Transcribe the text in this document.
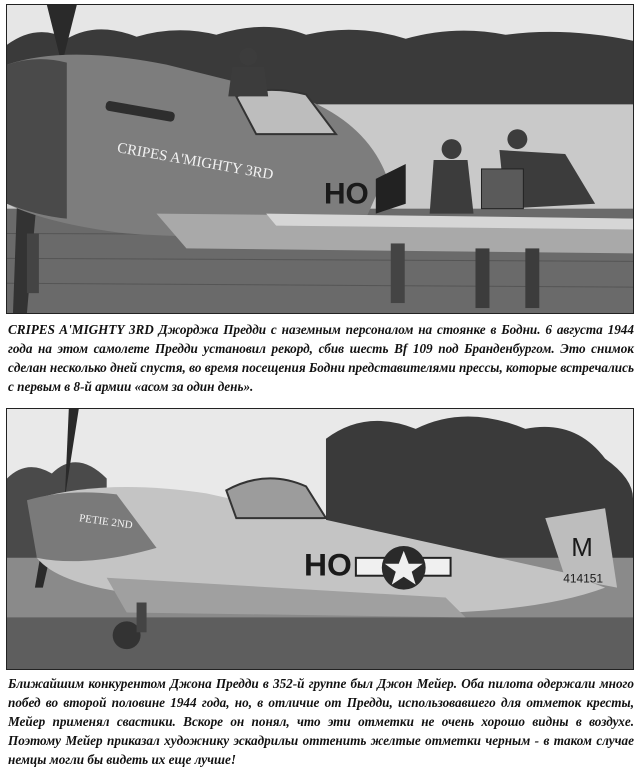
CRIPES A'MIGHTY 3RD
HO
CRIPES A'MIGHTY 3RD Джорджа Предди с наземным персоналом на стоянке в Бодни. 6 августа 1944 года на этом самолете Предди установил рекорд, сбив шесть Bf 109 под Бранденбургом. Это снимок сделан несколько дней спустя, во время посещения Бодни представителями прессы, которые встречались с первым в 8-й армии «асом за один день».
PETIE 2ND
HO	M
414151
Ближайшим конкурентом Джона Предди в 352-й группе был Джон Мейер. Оба пилота одержали много побед во второй половине 1944 года, но, в отличие от Предди, использовавшего для отметок кресты, Мейер применял свастики. Вскоре он понял, что эти отметки не очень хорошо видны в воздухе. Поэтому Мейер приказал художнику эскадрильи оттенить желтые отметки черным - в таком случае немцы могли бы видеть их еще лучше!
